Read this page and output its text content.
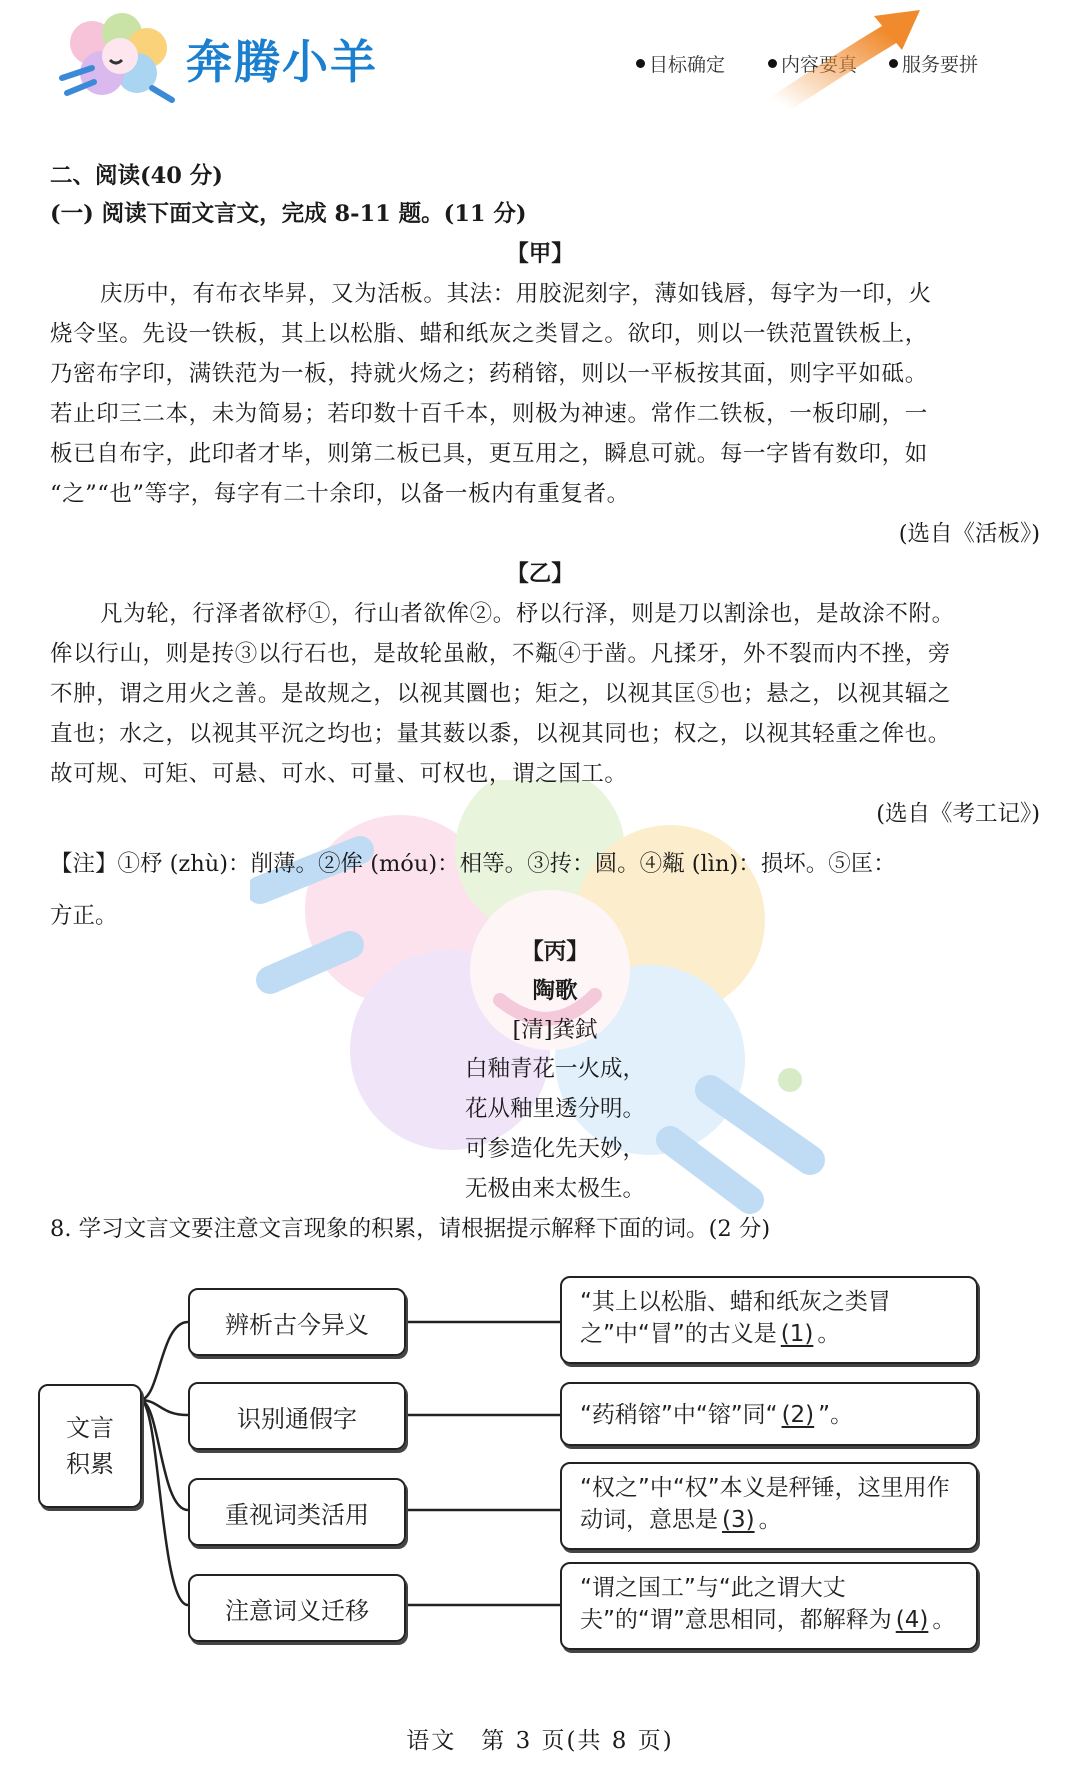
奔腾小羊	目标确定	内容要真	服务要拼
二、阅读(40 分)
(一) 阅读下面文言文，完成 8-11 题。(11 分)
【甲】
庆历中，有布衣毕昇，又为活板。其法：用胶泥刻字，薄如钱唇，每字为一印，火
烧令坚。先设一铁板，其上以松脂、蜡和纸灰之类冒之。欲印，则以一铁范置铁板上，
乃密布字印，满铁范为一板，持就火炀之；药稍镕，则以一平板按其面，则字平如砥。
若止印三二本，未为简易；若印数十百千本，则极为神速。常作二铁板，一板印刷，一
板已自布字，此印者才毕，则第二板已具，更互用之，瞬息可就。每一字皆有数印，如
“之”“也”等字，每字有二十余印，以备一板内有重复者。
(选自《活板》)
【乙】
凡为轮，行泽者欲杼①，行山者欲侔②。杼以行泽，则是刀以割涂也，是故涂不附。
侔以行山，则是抟③以行石也，是故轮虽敝，不甐④于凿。凡揉牙，外不裂而内不挫，旁
不肿，谓之用火之善。是故规之，以视其圜也；矩之，以视其匡⑤也；悬之，以视其辐之
直也；水之，以视其平沉之均也；量其薮以黍，以视其同也；权之，以视其轻重之侔也。
故可规、可矩、可悬、可水、可量、可权也，谓之国工。
(选自《考工记》)
【注】①杼 (zhù)：削薄。②侔 (móu)：相等。③抟：圆。④甐 (lìn)：损坏。⑤匡：
方正。
【丙】
陶歌
[清]龚鉽
白釉青花一火成，
花从釉里透分明。
可参造化先天妙，
无极由来太极生。
8. 学习文言文要注意文言现象的积累，请根据提示解释下面的词。(2 分)
文言
积累
辨析古今异义
识别通假字
重视词类活用
注意词义迁移
“其上以松脂、蜡和纸灰之类冒之”中“冒”的古义是 (1) 。
“药稍镕”中“镕”同“ (2) ”。
“权之”中“权”本义是秤锤，这里用作动词，意思是 (3) 。
“谓之国工”与“此之谓大丈夫”的“谓”意思相同，都解释为 (4) 。
语文　第 3 页(共 8 页)
